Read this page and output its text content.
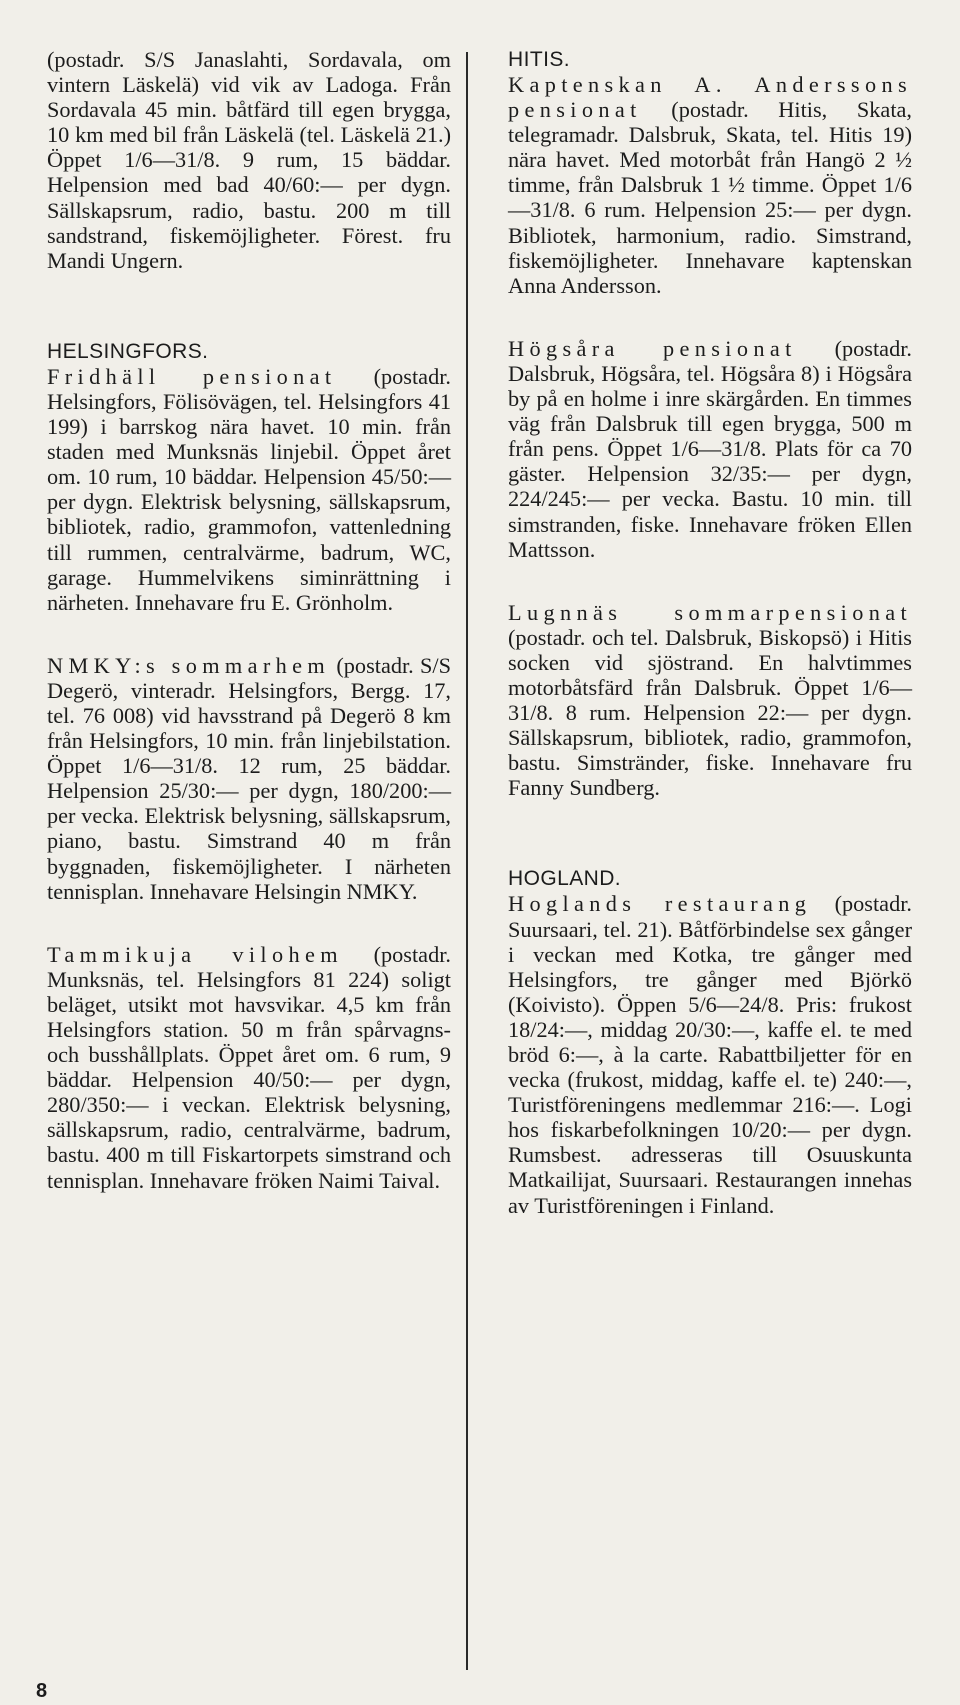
(postadr. S/S Janaslahti, Sordavala, om vintern Läskelä) vid vik av Ladoga. Från Sordavala 45 min. båtfärd till egen brygga, 10 km med bil från Läskelä (tel. Läskelä 21.) Öppet 1/6—31/8. 9 rum, 15 bäddar. Helpension med bad 40/60:— per dygn. Sällskapsrum, radio, bastu. 200 m till sandstrand, fiskemöjligheter. Förest. fru Mandi Ungern.

HELSINGFORS.

Fridhäll pensionat (postadr. Helsingfors, Fölisövägen, tel. Helsingfors 41 199) i barrskog nära havet. 10 min. från staden med Munksnäs linjebil. Öppet året om. 10 rum, 10 bäddar. Helpension 45/50:— per dygn. Elektrisk belysning, sällskapsrum, bibliotek, radio, grammofon, vattenledning till rummen, centralvärme, badrum, WC, garage. Hummelvikens siminrättning i närheten. Innehavare fru E. Grönholm.

NMKY:s sommarhem (postadr. S/S Degerö, vinteradr. Helsingfors, Bergg. 17, tel. 76 008) vid havsstrand på Degerö 8 km från Helsingfors, 10 min. från linjebilstation. Öppet 1/6—31/8. 12 rum, 25 bäddar. Helpension 25/30:— per dygn, 180/200:— per vecka. Elektrisk belysning, sällskapsrum, piano, bastu. Simstrand 40 m från byggnaden, fiskemöjligheter. I närheten tennisplan. Innehavare Helsingin NMKY.

Tammikuja vilohem (postadr. Munksnäs, tel. Helsingfors 81 224) soligt beläget, utsikt mot havsvikar. 4,5 km från Helsingfors station. 50 m från spårvagns- och busshållplats. Öppet året om. 6 rum, 9 bäddar. Helpension 40/50:— per dygn, 280/350:— i veckan. Elektrisk belysning, sällskapsrum, radio, centralvärme, badrum, bastu. 400 m till Fiskartorpets simstrand och tennisplan. Innehavare fröken Naimi Taival.

HITIS.

Kaptenskan A. Anderssons pensionat (postadr. Hitis, Skata, telegramadr. Dalsbruk, Skata, tel. Hitis 19) nära havet. Med motorbåt från Hangö 2 ½ timme, från Dalsbruk 1 ½ timme. Öppet 1/6—31/8. 6 rum. Helpension 25:— per dygn. Bibliotek, harmonium, radio. Simstrand, fiskemöjligheter. Innehavare kaptenskan Anna Andersson.

Högsåra pensionat (postadr. Dalsbruk, Högsåra, tel. Högsåra 8) i Högsåra by på en holme i inre skärgården. En timmes väg från Dalsbruk till egen brygga, 500 m från pens. Öppet 1/6—31/8. Plats för ca 70 gäster. Helpension 32/35:— per dygn, 224/245:— per vecka. Bastu. 10 min. till simstranden, fiske. Innehavare fröken Ellen Mattsson.

Lugnnäs sommarpensionat (postadr. och tel. Dalsbruk, Biskopsö) i Hitis socken vid sjöstrand. En halvtimmes motorbåtsfärd från Dalsbruk. Öppet 1/6—31/8. 8 rum. Helpension 22:— per dygn. Sällskapsrum, bibliotek, radio, grammofon, bastu. Simstränder, fiske. Innehavare fru Fanny Sundberg.

HOGLAND.

Hoglands restaurang (postadr. Suursaari, tel. 21). Båtförbindelse sex gånger i veckan med Kotka, tre gånger med Helsingfors, tre gånger med Björkö (Koivisto). Öppen 5/6—24/8. Pris: frukost 18/24:—, middag 20/30:—, kaffe el. te med bröd 6:—, à la carte. Rabattbiljetter för en vecka (frukost, middag, kaffe el. te) 240:—, Turistföreningens medlemmar 216:—. Logi hos fiskarbefolkningen 10/20:— per dygn. Rumsbest. adresseras till Osuuskunta Matkailijat, Suursaari. Restaurangen innehas av Turistföreningen i Finland.

8
